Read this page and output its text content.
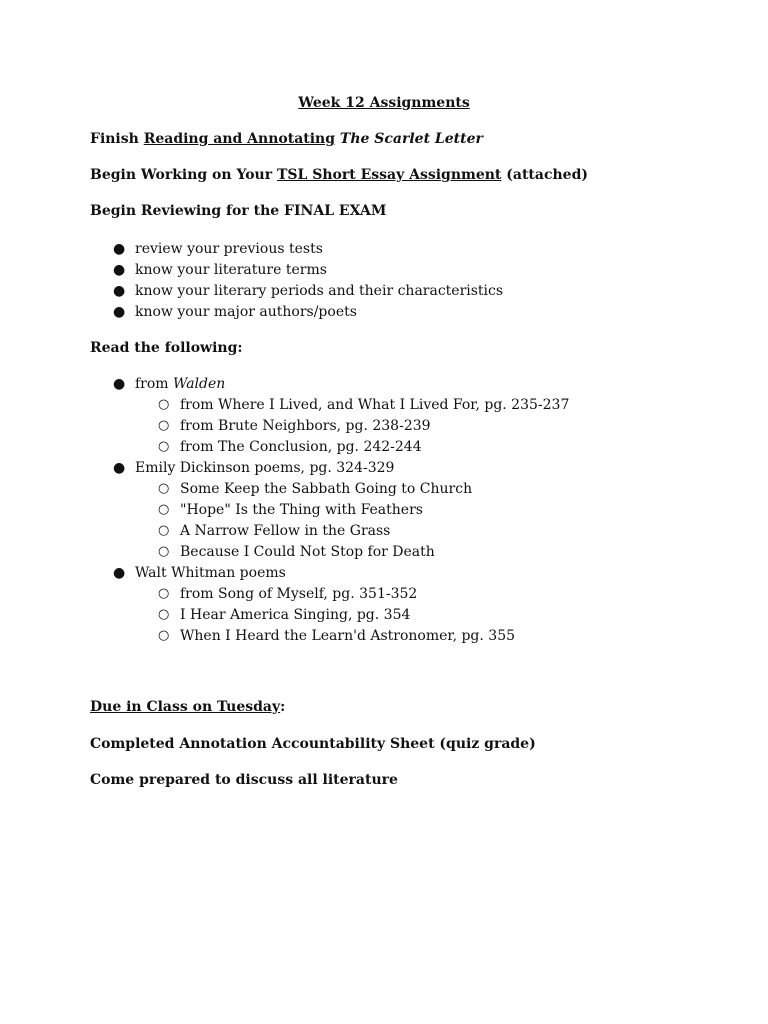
Week 12 Assignments
Finish Reading and Annotating The Scarlet Letter
Begin Working on Your TSL Short Essay Assignment (attached)
Begin Reviewing for the FINAL EXAM
● review your previous tests
● know your literature terms
● know your literary periods and their characteristics
● know your major authors/poets
Read the following:
● from Walden
○ from Where I Lived, and What I Lived For, pg. 235-237
○ from Brute Neighbors, pg. 238-239
○ from The Conclusion, pg. 242-244
● Emily Dickinson poems, pg. 324-329
○ Some Keep the Sabbath Going to Church
○ "Hope" Is the Thing with Feathers
○ A Narrow Fellow in the Grass
○ Because I Could Not Stop for Death
● Walt Whitman poems
○ from Song of Myself, pg. 351-352
○ I Hear America Singing, pg. 354
○ When I Heard the Learn'd Astronomer, pg. 355
Due in Class on Tuesday:
Completed Annotation Accountability Sheet (quiz grade)
Come prepared to discuss all literature
